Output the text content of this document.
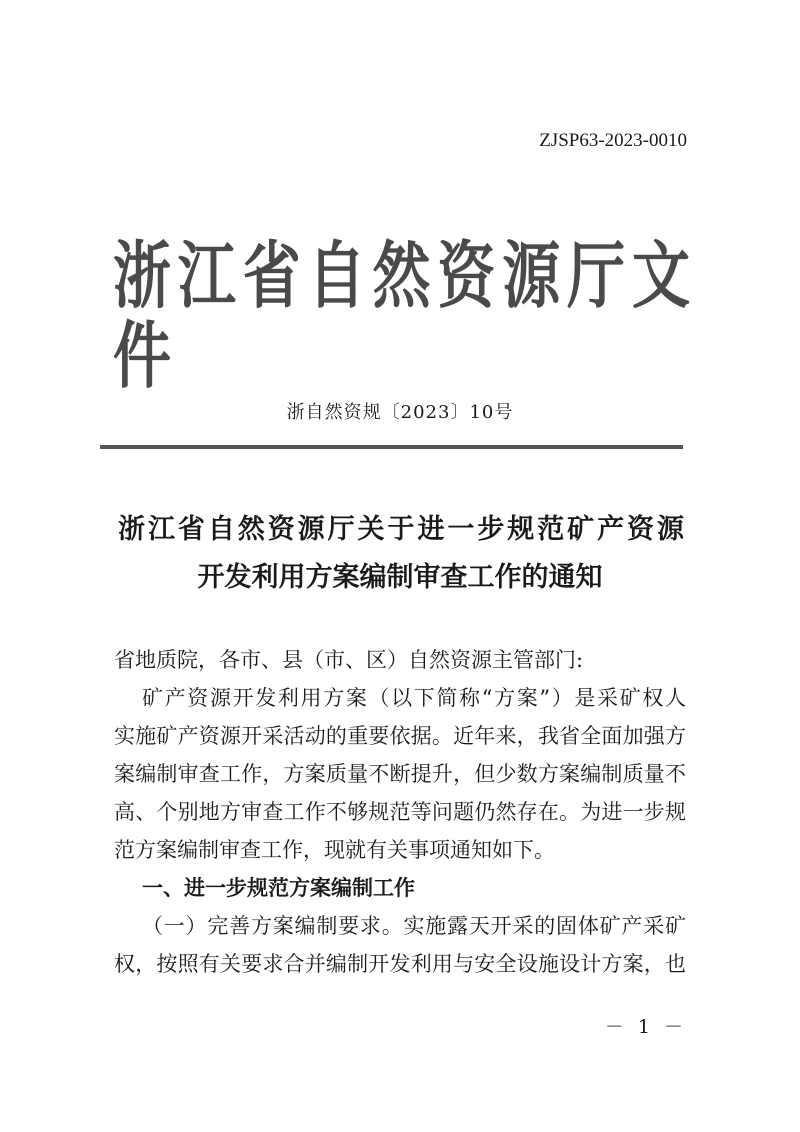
ZJSP63-2023-0010
浙江省自然资源厅文件
浙自然资规〔2023〕10号
浙江省自然资源厅关于进一步规范矿产资源
开发利用方案编制审查工作的通知
省地质院，各市、县（市、区）自然资源主管部门:
矿产资源开发利用方案（以下简称“方案”）是采矿权人
实施矿产资源开采活动的重要依据。近年来，我省全面加强方
案编制审查工作，方案质量不断提升，但少数方案编制质量不
高、个别地方审查工作不够规范等问题仍然存在。为进一步规
范方案编制审查工作，现就有关事项通知如下。
一、进一步规范方案编制工作
（一）完善方案编制要求。实施露天开采的固体矿产采矿
权，按照有关要求合并编制开发利用与安全设施设计方案，也
－ 1 －
